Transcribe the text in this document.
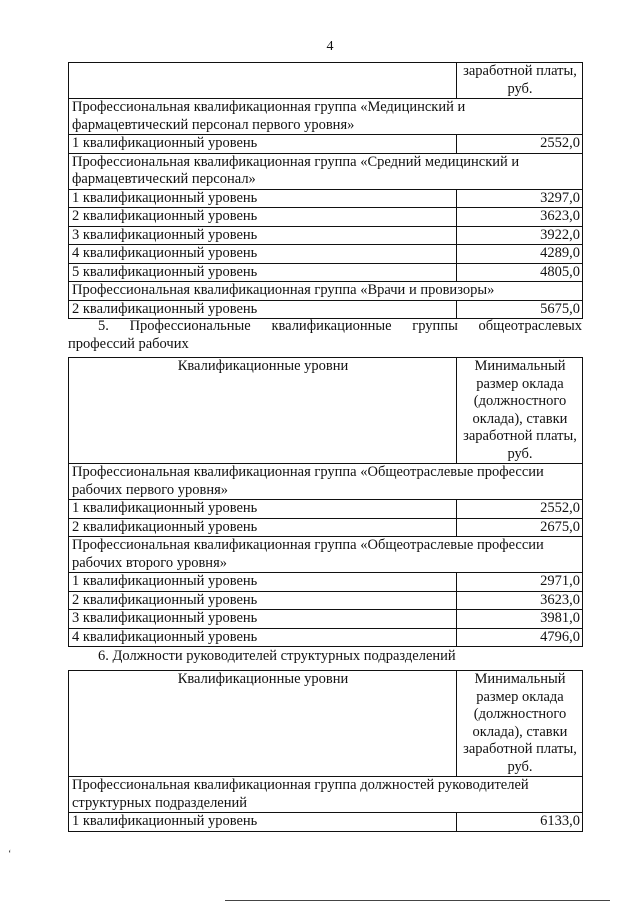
4
	заработной платы, руб.
Профессиональная квалификационная группа «Медицинский и фармацевтический персонал первого уровня»	
1 квалификационный уровень	2552,0
Профессиональная квалификационная группа «Средний медицинский и фармацевтический персонал»	
1 квалификационный уровень	3297,0
2 квалификационный уровень	3623,0
3 квалификационный уровень	3922,0
4 квалификационный уровень	4289,0
5 квалификационный уровень	4805,0
Профессиональная квалификационная группа «Врачи и провизоры»	
2 квалификационный уровень	5675,0
5. Профессиональные квалификационные группы общеотраслевых
профессий рабочих
Квалификационные уровни	Минимальный размер оклада (должностного оклада), ставки заработной платы, руб.
Профессиональная квалификационная группа «Общеотраслевые профессии рабочих первого уровня»	
1 квалификационный уровень	2552,0
2 квалификационный уровень	2675,0
Профессиональная квалификационная группа «Общеотраслевые профессии рабочих второго уровня»	
1 квалификационный уровень	2971,0
2 квалификационный уровень	3623,0
3 квалификационный уровень	3981,0
4 квалификационный уровень	4796,0
6. Должности руководителей структурных подразделений
Квалификационные уровни	Минимальный размер оклада (должностного оклада), ставки заработной платы, руб.
Профессиональная квалификационная группа должностей руководителей структурных подразделений	
1 квалификационный уровень	6133,0
‘
